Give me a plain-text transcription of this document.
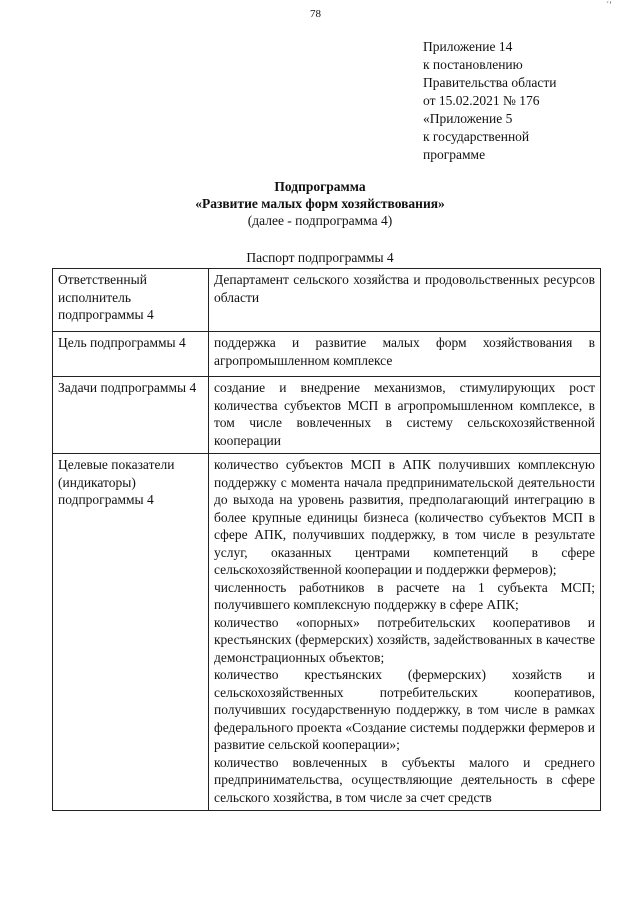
78
´’
Приложение 14
к постановлению
Правительства области
от 15.02.2021 № 176
«Приложение 5
к государственной
программе
Подпрограмма
«Развитие малых форм хозяйствования»
(далее - подпрограмма 4)
Паспорт подпрограммы 4
Ответственный исполнитель подпрограммы 4	Департамент сельского хозяйства и продовольственных ресурсов области
Цель подпрограммы 4	поддержка и развитие малых форм хозяйствования в агропромышленном комплексе
Задачи подпрограммы 4	создание и внедрение механизмов, стимулирующих рост количества субъектов МСП в агропромышленном комплексе, в том числе вовлеченных в систему сельскохозяйственной кооперации
Целевые показатели (индикаторы) подпрограммы 4	количество субъектов МСП в АПК получивших комплексную поддержку с момента начала предпринимательской деятельности до выхода на уровень развития, предполагающий интеграцию в более крупные единицы бизнеса (количество субъектов МСП в сфере АПК, получивших поддержку, в том числе в результате услуг, оказанных центрами компетенций в сфере сельскохозяйственной кооперации и поддержки фермеров);
численность работников в расчете на 1 субъекта МСП; получившего комплексную поддержку в сфере АПК;
количество «опорных» потребительских кооперативов и крестьянских (фермерских) хозяйств, задействованных в качестве демонстрационных объектов;
количество крестьянских (фермерских) хозяйств и сельскохозяйственных потребительских кооперативов, получивших государственную поддержку, в том числе в рамках федерального проекта «Создание системы поддержки фермеров и развитие сельской кооперации»;
количество вовлеченных в субъекты малого и среднего предпринимательства, осуществляющие деятельность в сфере сельского хозяйства, в том числе за счет средств
